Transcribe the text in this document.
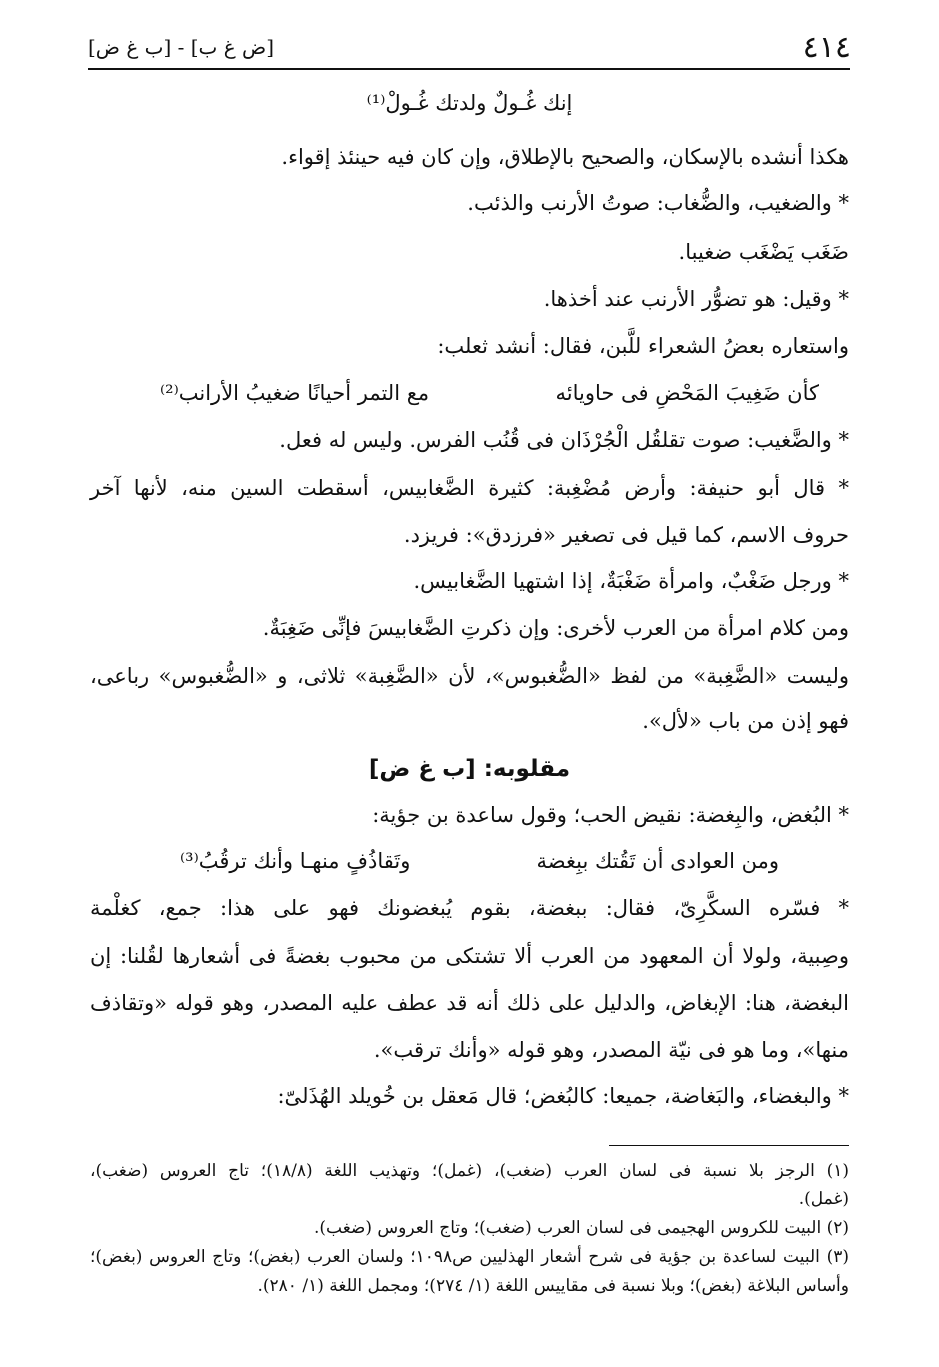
٤١٤
[ض غ ب] - [ب غ ض]
إنك غُـولٌ ولدتك غُـولْ⁽¹⁾
هكذا أنشده بالإسكان، والصحيح بالإطلاق، وإن كان فيه حينئذ إقواء.
* والضغيب، والضُّغاب: صوتُ الأرنب والذئب.
ضَغَب يَضْغَب ضغيبا.
* وقيل: هو تضوُّر الأرنب عند أخذها.
واستعاره بعضُ الشعراء للَّبن، فقال: أنشد ثعلب:
كأن ضَغِيبَ المَحْضِ فى حاويائه
مع التمر أحيانًا ضغيبُ الأرانب⁽²⁾
* والضَّغيب: صوت تقلقُل الْجُرْذَان فى قُنُب الفرس. وليس له فعل.
* قال أبو حنيفة: وأرض مُضْغِبة: كثيرة الضَّغابيس، أسقطت السين منه، لأنها آخر
حروف الاسم، كما قيل فى تصغير «فرزدق»: فريزد.
* ورجل ضَغْبٌ، وامرأة ضَغْبَةٌ، إذا اشتهيا الضَّغابيس.
ومن كلام امرأة من العرب لأخرى: وإن ذكرتِ الضَّغابيسَ فإنِّى ضَغِبَةٌ.
وليست «الضَّغِبة» من لفظ «الضُّغبوس»، لأن «الضَّغِبة» ثلاثى، و «الضُّغبوس» رباعى،
فهو إذن من باب «لأل».
مقلوبه: [ب غ ض]
* البُغض، والبِغضة: نقيض الحب؛ وقول ساعدة بن جؤية:
ومن العوادى أن تَقُتك ببِغضة
وتَقاذُفٍ منهـا وأنك ترقُبُ⁽³⁾
* فسّره السكَّرِىّ، فقال: ببغضة، بقوم يُبغضونك فهو على هذا: جمع، كغلْمة
وصِبية، ولولا أن المعهود من العرب ألا تشتكى من محبوب بغضةً فى أشعارها لقُلنا: إن
البغضة، هنا: الإبغاض، والدليل على ذلك أنه قد عطف عليه المصدر، وهو قوله «وتقاذف
منها»، وما هو فى نيّة المصدر، وهو قوله «وأنك ترقب».
* والبغضاء، والبَغاضة، جميعا: كالبُغض؛ قال مَعقل بن خُويلد الهُذَلىّ:
(١) الرجز بلا نسبة فى لسان العرب (ضغب)، (غمل)؛ وتهذيب اللغة (١٨/٨)؛ تاج العروس (ضغب)،
(غمل).
(٢) البيت للكروس الهجيمى فى لسان العرب (ضغب)؛ وتاج العروس (ضغب).
(٣) البيت لساعدة بن جؤية فى شرح أشعار الهذليين ص١٠٩٨؛ ولسان العرب (بغض)؛ وتاج العروس (بغض)؛
وأساس البلاغة (بغض)؛ وبلا نسبة فى مقاييس اللغة (١/ ٢٧٤)؛ ومجمل اللغة (١/ ٢٨٠).
